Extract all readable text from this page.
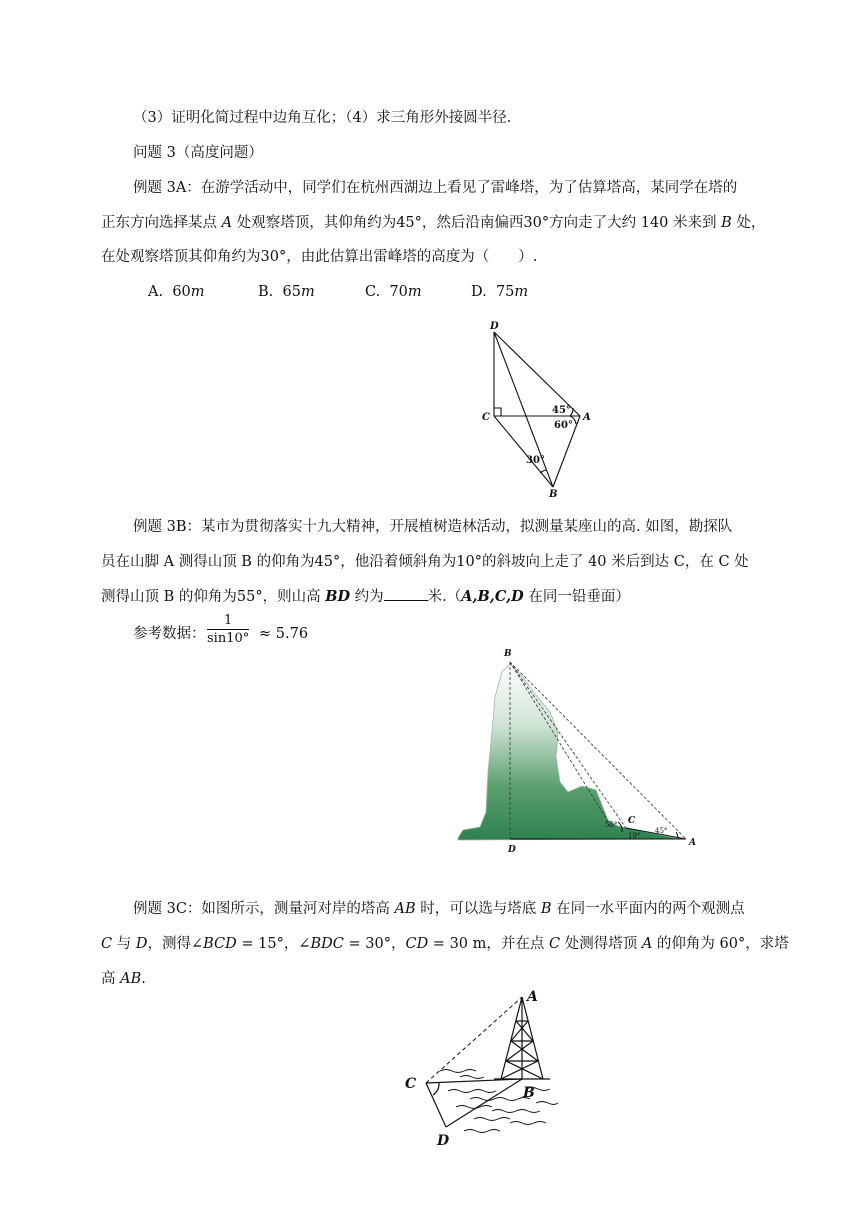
（3）证明化简过程中边角互化；（4）求三角形外接圆半径.
问题 3（高度问题）
例题 3A：在游学活动中，同学们在杭州西湖边上看见了雷峰塔，为了估算塔高，某同学在塔的
正东方向选择某点 A 处观察塔顶，其仰角约为45°，然后沿南偏西30°方向走了大约 140 米来到 B 处，
在处观察塔顶其仰角约为30°，由此估算出雷峰塔的高度为（　　）.
A. 60m	B. 65m	C. 70m	D. 75m
D
C	A
B
45°
60°
30°
例题 3B：某市为贯彻落实十九大精神，开展植树造林活动，拟测量某座山的高. 如图，勘探队
员在山脚 A 测得山顶 B 的仰角为45°，他沿着倾斜角为10°的斜坡向上走了 40 米后到达 C，在 C 处
测得山顶 B 的仰角为55°，则山高 BD 约为	米.（A,B,C,D 在同一铅垂面）
参考数据： $\frac{1}{\sin 10^\circ} \approx 5.76$
B
C
D
A
55°
10°
45°
例题 3C：如图所示，测量河对岸的塔高 AB 时，可以选与塔底 B 在同一水平面内的两个观测点
C 与 D，测得∠BCD = 15°，∠BDC = 30°，CD = 30 m，并在点 C 处测得塔顶 A 的仰角为 60°，求塔
高 AB.
A
B
C
D
